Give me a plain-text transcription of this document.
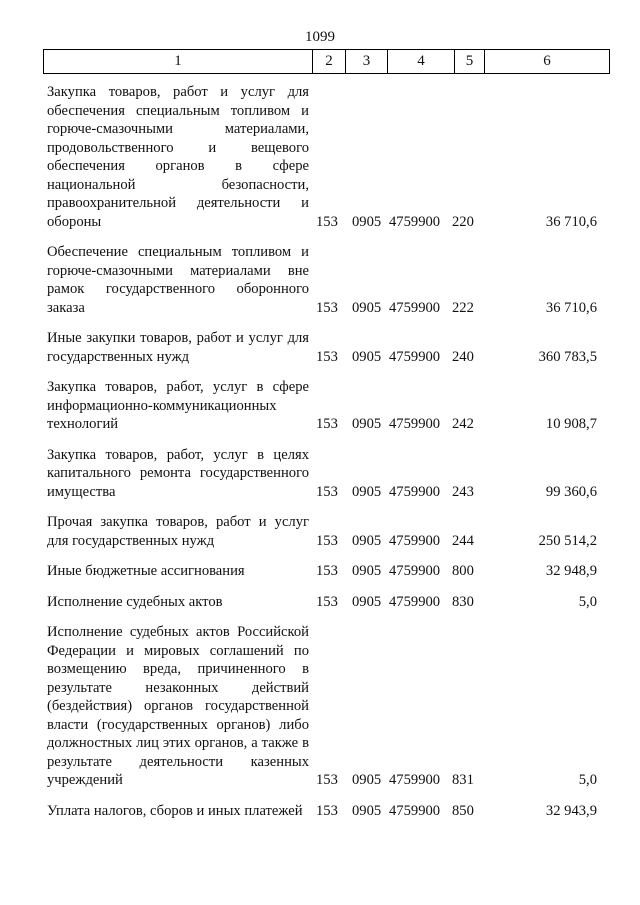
1099
1	2	3	4	5	6
Закупка товаров, работ и услуг для обеспечения специальным топливом и горюче-смазочными материалами, продовольственного и вещевого обеспечения органов в сфере национальной безопасности, правоохранительной деятельности и обороны	153 0905 4759900 220	36 710,6
Обеспечение специальным топливом и горюче-смазочными материалами вне рамок государственного оборонного заказа	153 0905 4759900 222	36 710,6
Иные закупки товаров, работ и услуг для государственных нужд	153 0905 4759900 240	360 783,5
Закупка товаров, работ, услуг в сфере информационно-коммуникационных технологий	153 0905 4759900 242	10 908,7
Закупка товаров, работ, услуг в целях капитального ремонта государственного имущества	153 0905 4759900 243	99 360,6
Прочая закупка товаров, работ и услуг для государственных нужд	153 0905 4759900 244	250 514,2
Иные бюджетные ассигнования	153 0905 4759900 800	32 948,9
Исполнение судебных актов	153 0905 4759900 830	5,0
Исполнение судебных актов Российской Федерации и мировых соглашений по возмещению вреда, причиненного в результате незаконных действий (бездействия) органов государственной власти (государственных органов) либо должностных лиц этих органов, а также в результате деятельности казенных учреждений	153 0905 4759900 831	5,0
Уплата налогов, сборов и иных платежей 153 0905 4759900 850	32 943,9
